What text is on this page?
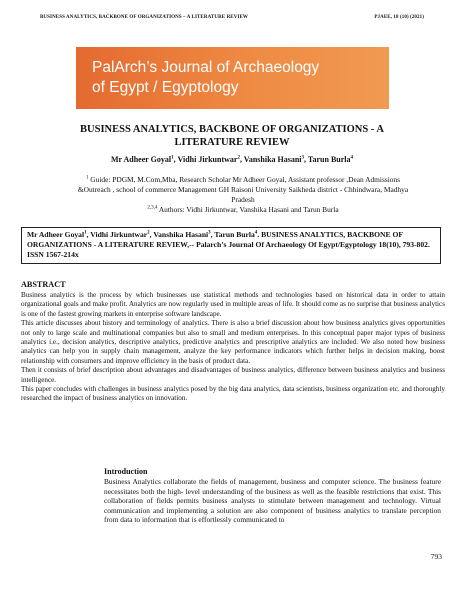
BUSINESS ANALYTICS, BACKBONE OF ORGANIZATIONS – A LITERATURE REVIEW	PJAEE, 18 (10) (2021)
PalArch’s Journal of Archaeology
of Egypt / Egyptology
BUSINESS ANALYTICS, BACKBONE OF ORGANIZATIONS - A
LITERATURE REVIEW
Mr Adheer Goyal$^1$, Vidhi Jirkuntwar$^2$, Vanshika Hasani$^3$, Tarun Burla$^4$
$^1$ Guide: PDGM, M.Com,Mba, Research Scholar Mr Adheer Goyal, Assistant professor ,Dean Admissions &Outreach , school of commerce Management GH Raisoni University Saikheda district - Chhindwara, Madhya Pradesh
$^{2,3,4}$ Authors: Vidhi Jirkuntwar, Vanshika Hasani and Tarun Burla
Mr Adheer Goyal$^1$, Vidhi Jirkuntwar$^2$, Vanshika Hasani$^3$, Tarun Burla$^4$. BUSINESS ANALYTICS, BACKBONE OF ORGANIZATIONS - A LITERATURE REVIEW,-- Palarch’s Journal Of Archaeology Of Egypt/Egyptology 18(10), 793-802. ISSN 1567-214x
ABSTRACT

Business analytics is the process by which businesses use statistical methods and technologies based on historical data in order to attain organizational goals and make profit. Analytics are now regularly used in multiple areas of life. It should come as no surprise that business analytics is one of the fastest growing markets in enterprise software landscape.

This article discusses about history and terminology of analytics. There is also a brief discussion about how business analytics gives opportunities not only to large scale and multinational companies but also to small and medium enterprises. In this conceptual paper major types of business analytics i.e., decision analytics, descriptive analytics, predictive analytics and prescriptive analytics are included. We also noted how business analytics can help you in supply chain management, analyze the key performance indicators which further helps in decision making, boost relationship with consumers and improve efficiency in the basis of product data.

Then it consists of brief description about advantages and disadvantages of business analytics, difference between business analytics and business intelligence.

This paper concludes with challenges in business analytics posed by the big data analytics, data scientists, business organization etc. and thoroughly researched the impact of business analytics on innovation.

Introduction

Business Analytics collaborate the fields of management, business and computer science. The business feature necessitates both the high- level understanding of the business as well as the feasible restrictions that exist. This collaboration of fields permits business analysts to stimulate between management and technology. Virtual communication and implementing a solution are also component of business analytics to translate perception from data to information that is effortlessly communicated to

793
